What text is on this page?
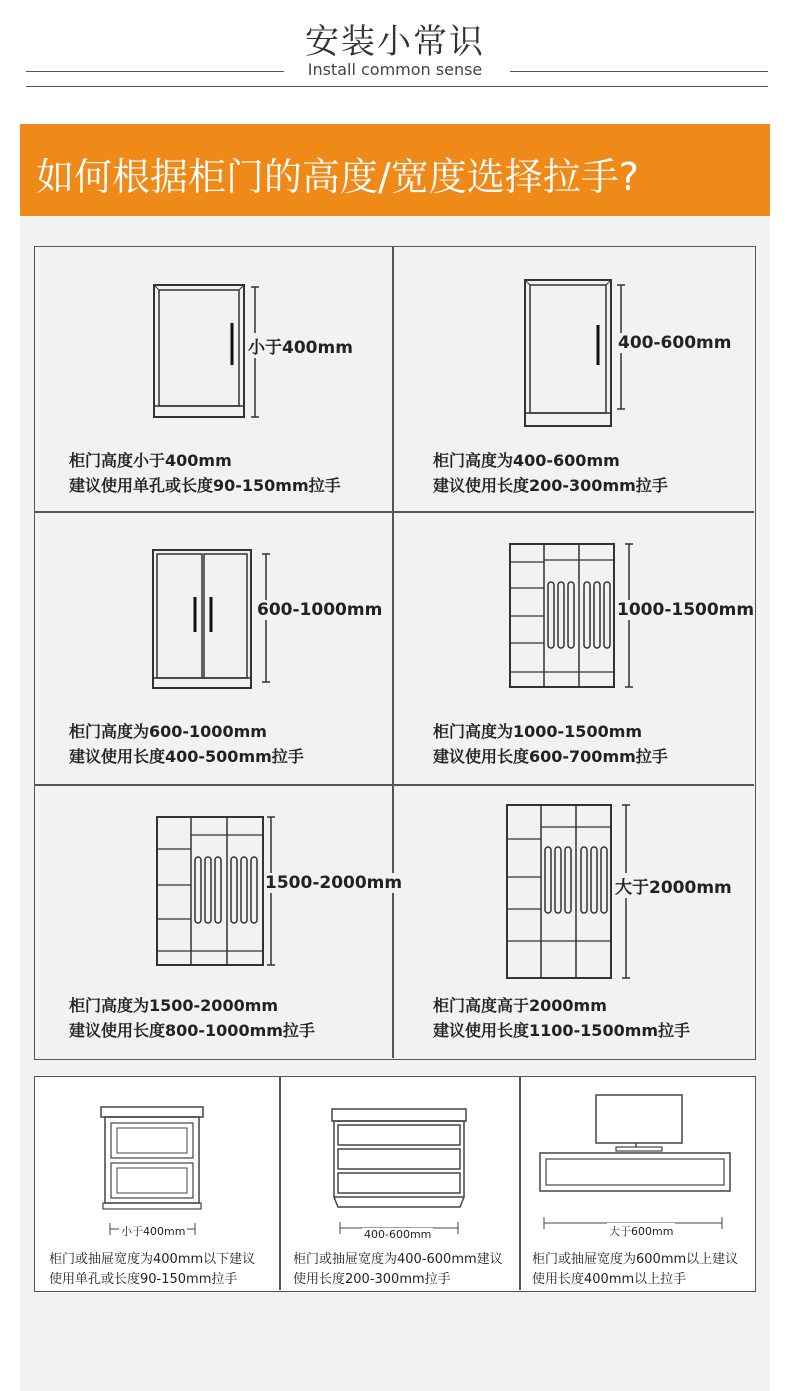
安装小常识
Install common sense
如何根据柜门的高度/宽度选择拉手?
小于400mm
柜门高度小于400mm
建议使用单孔或长度90-150mm拉手
400-600mm
柜门高度为400-600mm
建议使用长度200-300mm拉手
600-1000mm
柜门高度为600-1000mm
建议使用长度400-500mm拉手
1000-1500mm
柜门高度为1000-1500mm
建议使用长度600-700mm拉手
1500-2000mm
柜门高度为1500-2000mm
建议使用长度800-1000mm拉手
大于2000mm
柜门高度高于2000mm
建议使用长度1100-1500mm拉手
小于400mm
柜门或抽屉宽度为400mm以下建议
使用单孔或长度90-150mm拉手
400-600mm
柜门或抽屉宽度为400-600mm建议
使用长度200-300mm拉手
大于600mm
柜门或抽屉宽度为600mm以上建议
使用长度400mm以上拉手
